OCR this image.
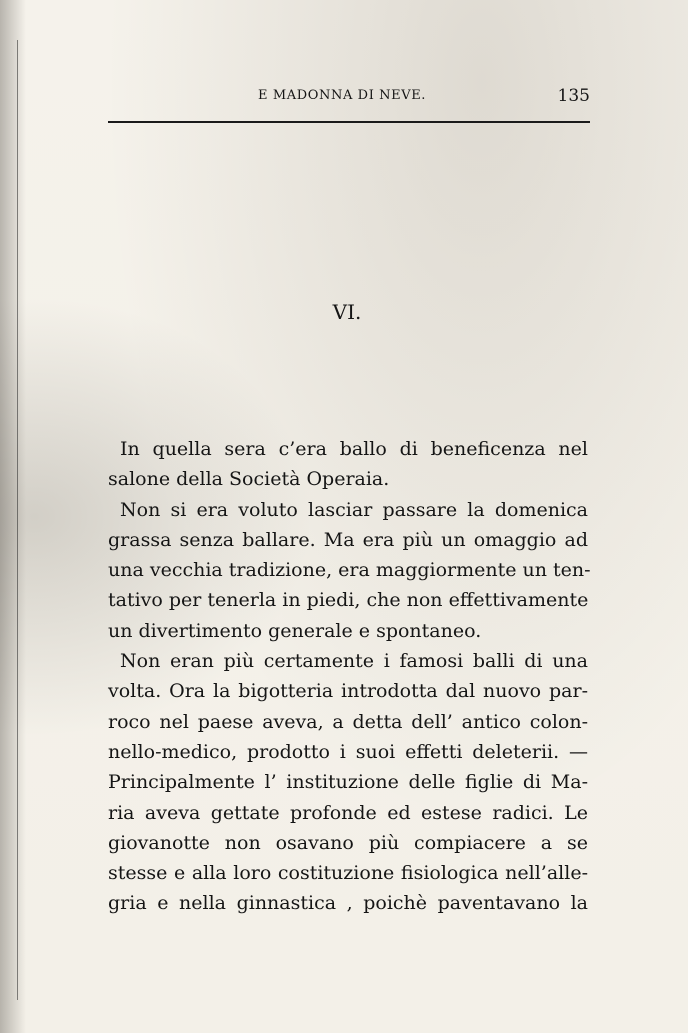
E MADONNA DI NEVE.	135
VI.
In quella sera c’era ballo di beneficenza nel
salone della Società Operaia.
Non si era voluto lasciar passare la domenica
grassa senza ballare. Ma era più un omaggio ad
una vecchia tradizione, era maggiormente un ten-
tativo per tenerla in piedi, che non effettivamente
un divertimento generale e spontaneo.
Non eran più certamente i famosi balli di una
volta. Ora la bigotteria introdotta dal nuovo par-
roco nel paese aveva, a detta dell’ antico colon-
nello-medico, prodotto i suoi effetti deleterii. —
Principalmente l’ instituzione delle figlie di Ma-
ria aveva gettate profonde ed estese radici. Le
giovanotte non osavano più compiacere a se
stesse e alla loro costituzione fisiologica nell’alle-
gria e nella ginnastica , poichè paventavano la
